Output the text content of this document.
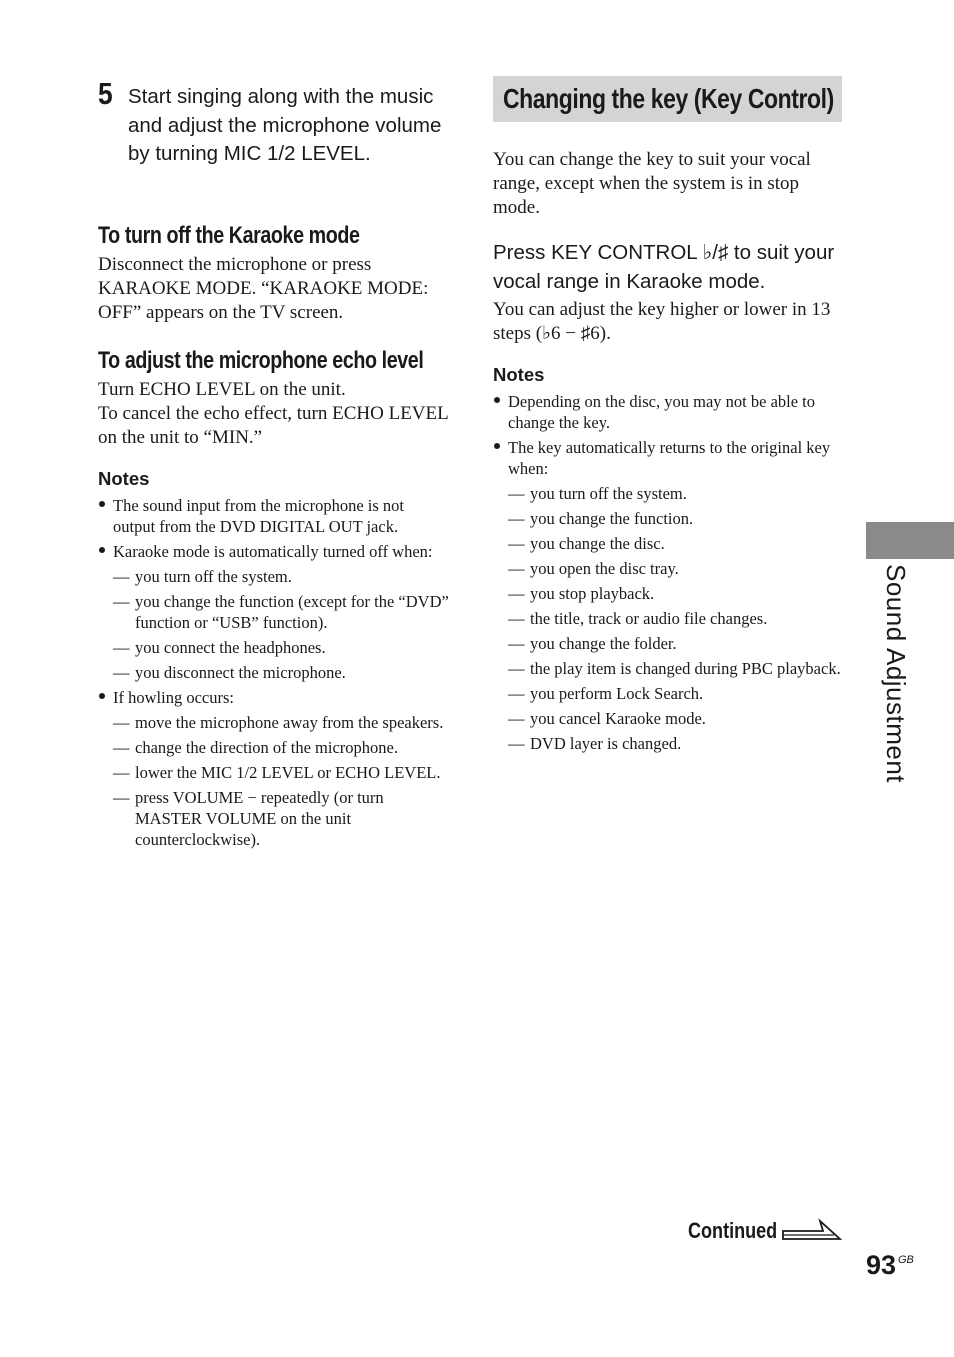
5 Start singing along with the music and adjust the microphone volume by turning MIC 1/2 LEVEL.
To turn off the Karaoke mode
Disconnect the microphone or press KARAOKE MODE. “KARAOKE MODE: OFF” appears on the TV screen.
To adjust the microphone echo level
Turn ECHO LEVEL on the unit.
To cancel the echo effect, turn ECHO LEVEL on the unit to “MIN.”
Notes
The sound input from the microphone is not output from the DVD DIGITAL OUT jack.
Karaoke mode is automatically turned off when:
— you turn off the system.
— you change the function (except for the “DVD” function or “USB” function).
— you connect the headphones.
— you disconnect the microphone.
If howling occurs:
— move the microphone away from the speakers.
— change the direction of the microphone.
— lower the MIC 1/2 LEVEL or ECHO LEVEL.
— press VOLUME − repeatedly (or turn MASTER VOLUME on the unit counterclockwise).
Changing the key (Key Control)
You can change the key to suit your vocal range, except when the system is in stop mode.
Press KEY CONTROL ♭/♯ to suit your vocal range in Karaoke mode.
You can adjust the key higher or lower in 13 steps (♭6 − ♯6).
Notes
Depending on the disc, you may not be able to change the key.
The key automatically returns to the original key when:
— you turn off the system.
— you change the function.
— you change the disc.
— you open the disc tray.
— you stop playback.
— the title, track or audio file changes.
— you change the folder.
— the play item is changed during PBC playback.
— you perform Lock Search.
— you cancel Karaoke mode.
— DVD layer is changed.	Sound Adjustment
Continued
93 GB
